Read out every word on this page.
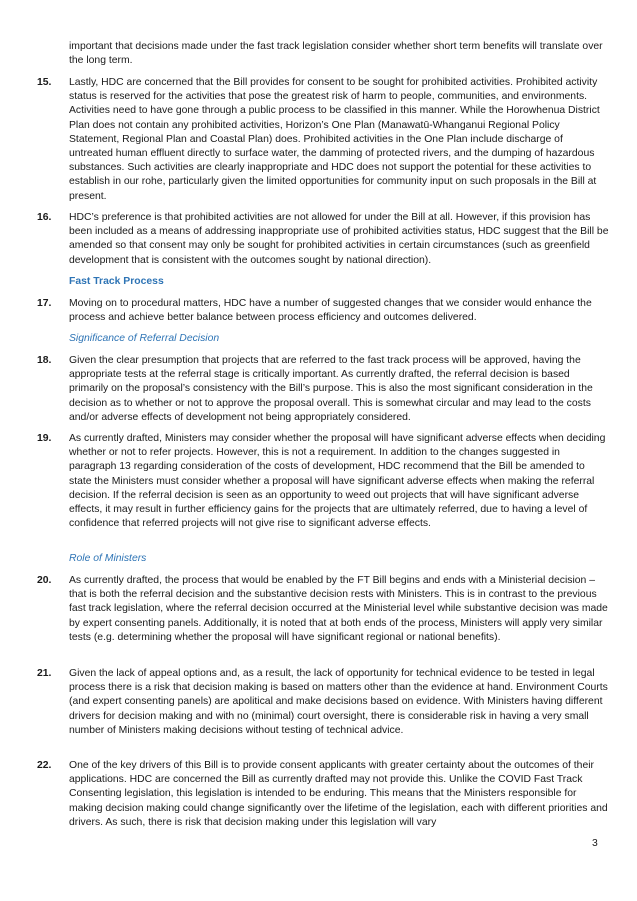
important that decisions made under the fast track legislation consider whether short term benefits will translate over the long term.

15.	Lastly, HDC are concerned that the Bill provides for consent to be sought for prohibited activities. Prohibited activity status is reserved for the activities that pose the greatest risk of harm to people, communities, and environments. Activities need to have gone through a public process to be classified in this manner. While the Horowhenua District Plan does not contain any prohibited activities, Horizon’s One Plan (Manawatū-Whanganui Regional Policy Statement, Regional Plan and Coastal Plan) does. Prohibited activities in the One Plan include discharge of untreated human effluent directly to surface water, the damming of protected rivers, and the dumping of hazardous substances. Such activities are clearly inappropriate and HDC does not support the potential for these activities to establish in our rohe, particularly given the limited opportunities for community input on such proposals in the Bill at present.

16.	HDC’s preference is that prohibited activities are not allowed for under the Bill at all. However, if this provision has been included as a means of addressing inappropriate use of prohibited activities status, HDC suggest that the Bill be amended so that consent may only be sought for prohibited activities in certain circumstances (such as greenfield development that is consistent with the outcomes sought by national direction).

Fast Track Process
17.	Moving on to procedural matters, HDC have a number of suggested changes that we consider would enhance the process and achieve better balance between process efficiency and outcomes delivered.

Significance of Referral Decision
18.	Given the clear presumption that projects that are referred to the fast track process will be approved, having the appropriate tests at the referral stage is critically important. As currently drafted, the referral decision is based primarily on the proposal’s consistency with the Bill’s purpose. This is also the most significant consideration in the decision as to whether or not to approve the proposal overall. This is somewhat circular and may lead to the costs and/or adverse effects of development not being appropriately considered.

19.	As currently drafted, Ministers may consider whether the proposal will have significant adverse effects when deciding whether or not to refer projects. However, this is not a requirement. In addition to the changes suggested in paragraph 13 regarding consideration of the costs of development, HDC recommend that the Bill be amended to state the Ministers must consider whether a proposal will have significant adverse effects when making the referral decision. If the referral decision is seen as an opportunity to weed out projects that will have significant adverse effects, it may result in further efficiency gains for the projects that are ultimately referred, due to having a level of confidence that referred projects will not give rise to significant adverse effects.

Role of Ministers
20.	As currently drafted, the process that would be enabled by the FT Bill begins and ends with a Ministerial decision – that is both the referral decision and the substantive decision rests with Ministers. This is in contrast to the previous fast track legislation, where the referral decision occurred at the Ministerial level while substantive decision was made by expert consenting panels. Additionally, it is noted that at both ends of the process, Ministers will apply very similar tests (e.g. determining whether the proposal will have significant regional or national benefits).

21.	Given the lack of appeal options and, as a result, the lack of opportunity for technical evidence to be tested in legal process there is a risk that decision making is based on matters other than the evidence at hand. Environment Courts (and expert consenting panels) are apolitical and make decisions based on evidence. With Ministers having different drivers for decision making and with no (minimal) court oversight, there is considerable risk in having a very small number of Ministers making decisions without testing of technical advice.

22.	One of the key drivers of this Bill is to provide consent applicants with greater certainty about the outcomes of their applications. HDC are concerned the Bill as currently drafted may not provide this. Unlike the COVID Fast Track Consenting legislation, this legislation is intended to be enduring. This means that the Ministers responsible for making decision making could change significantly over the lifetime of the legislation, each with different priorities and drivers. As such, there is risk that decision making under this legislation will vary

3
